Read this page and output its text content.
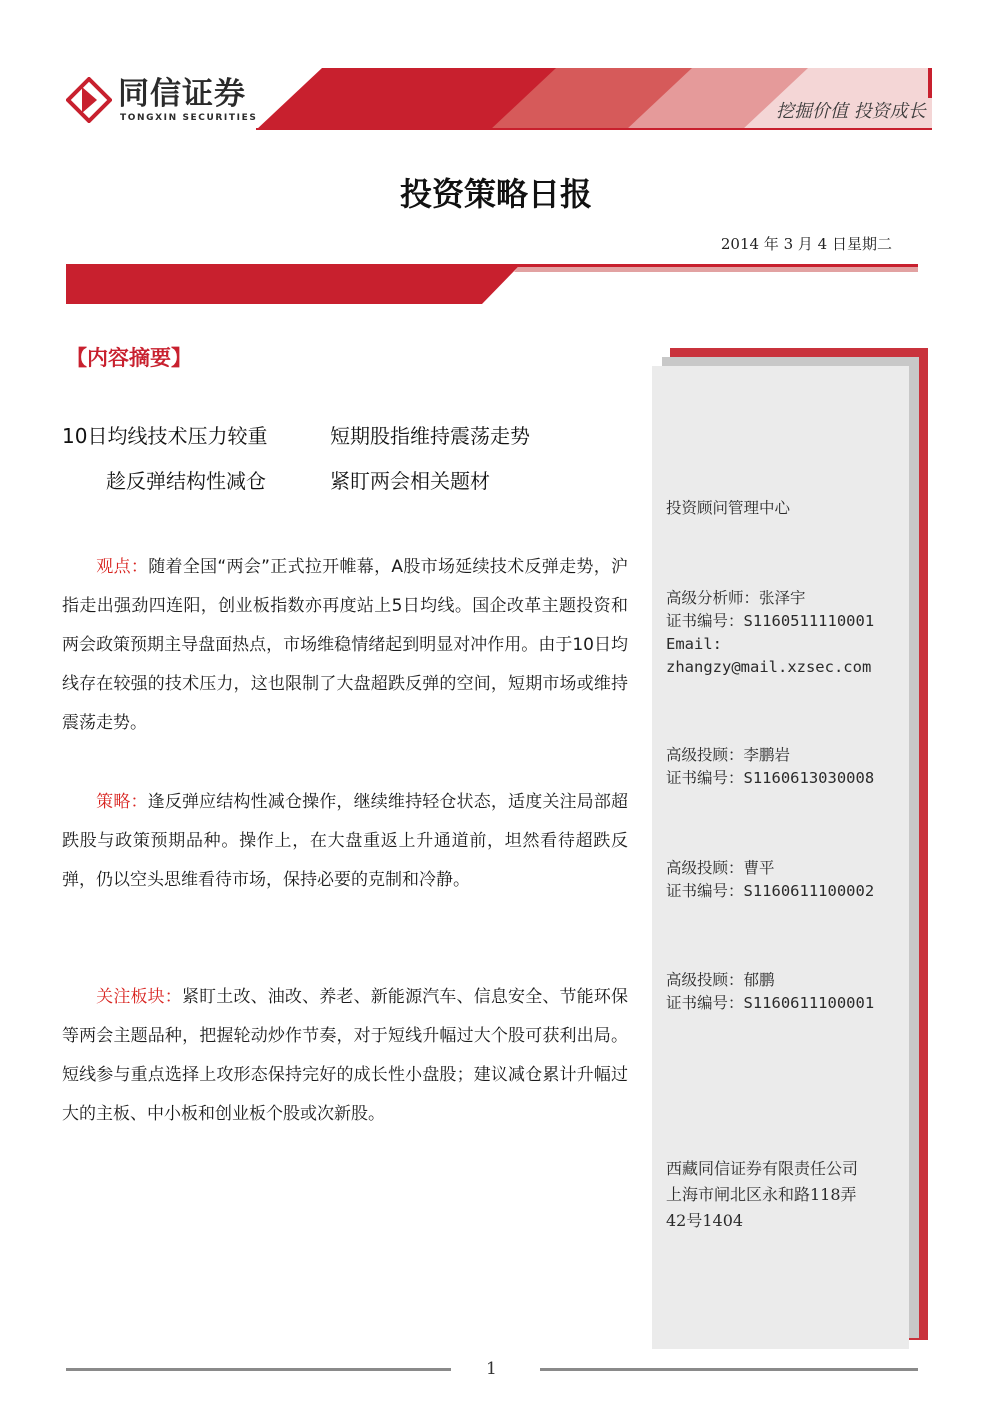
同信证券
TONGXIN SECURITIES	挖掘价值 投资成长
投资策略日报
2014 年 3 月 4 日星期二
【内容摘要】
10日均线技术压力较重	短期股指维持震荡走势
趁反弹结构性减仓	紧盯两会相关题材
观点：随着全国“两会”正式拉开帷幕，A股市场延续技术反弹走势，沪指走出强劲四连阳，创业板指数亦再度站上5日均线。国企改革主题投资和两会政策预期主导盘面热点，市场维稳情绪起到明显对冲作用。由于10日均线存在较强的技术压力，这也限制了大盘超跌反弹的空间，短期市场或维持震荡走势。
策略：逢反弹应结构性减仓操作，继续维持轻仓状态，适度关注局部超跌股与政策预期品种。操作上，在大盘重返上升通道前，坦然看待超跌反弹，仍以空头思维看待市场，保持必要的克制和冷静。
关注板块：紧盯土改、油改、养老、新能源汽车、信息安全、节能环保等两会主题品种，把握轮动炒作节奏，对于短线升幅过大个股可获利出局。短线参与重点选择上攻形态保持完好的成长性小盘股；建议减仓累计升幅过大的主板、中小板和创业板个股或次新股。
投资顾问管理中心
高级分析师：张泽宇
证书编号：S1160511110001
Email:
zhangzy@mail.xzsec.com
高级投顾：李鹏岩
证书编号：S1160613030008
高级投顾：曹平
证书编号：S1160611100002
高级投顾：郁鹏
证书编号：S1160611100001
西藏同信证券有限责任公司
上海市闸北区永和路118弄
42号1404
1
